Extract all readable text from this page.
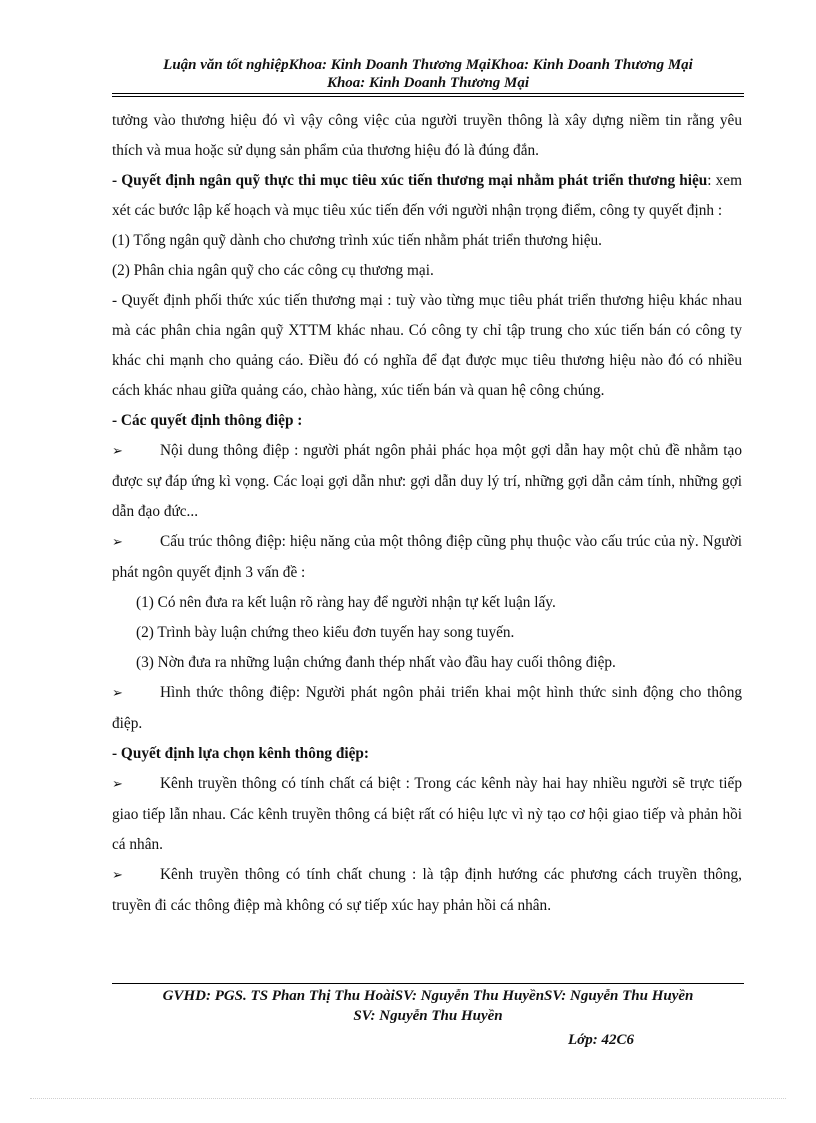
Luận văn tốt nghiệpKhoa: Kinh Doanh Thương MạiKhoa: Kinh Doanh Thương Mại
Khoa: Kinh Doanh Thương Mại

tưởng vào thương hiệu đó vì vậy công việc của người truyền thông là xây dựng niềm tin rằng yêu thích và mua hoặc sử dụng sản phẩm của thương hiệu đó là đúng đắn.

- Quyết định ngân quỹ thực thi mục tiêu xúc tiến thương mại nhằm phát triển thương hiệu: xem xét các bước lập kế hoạch và mục tiêu xúc tiến đến với người nhận trọng điểm, công ty quyết định :

(1) Tổng ngân quỹ dành cho chương trình xúc tiến nhằm phát triển thương hiệu.

(2) Phân chia ngân quỹ cho các công cụ thương mại.

- Quyết định phối thức xúc tiến thương mại : tuỳ vào từng mục tiêu phát triển thương hiệu khác nhau mà các phân chia ngân quỹ XTTM khác nhau. Có công ty chỉ tập trung cho xúc tiến bán có công ty khác chi mạnh cho quảng cáo. Điều đó có nghĩa để đạt được mục tiêu thương hiệu nào đó có nhiều cách khác nhau giữa quảng cáo, chào hàng, xúc tiến bán và quan hệ công chúng.

- Các quyết định thông điệp :

➢ Nội dung thông điệp : người phát ngôn phải phác họa một gợi dẫn hay một chủ đề nhằm tạo được sự đáp ứng kì vọng. Các loại gợi dẫn như: gợi dẫn duy lý trí, những gợi dẫn cảm tính, những gợi dẫn đạo đức...

➢ Cấu trúc thông điệp: hiệu năng của một thông điệp cũng phụ thuộc vào cấu trúc của nỳ. Người phát ngôn quyết định 3 vấn đề :

(1) Có nên đưa ra kết luận rõ ràng hay để người nhận tự kết luận lấy.

(2) Trình bày luận chứng theo kiểu đơn tuyến hay song tuyến.

(3) Nờn đưa ra những luận chứng đanh thép nhất vào đầu hay cuối thông điệp.

➢ Hình thức thông điệp: Người phát ngôn phải triển khai một hình thức sinh động cho thông điệp.

- Quyết định lựa chọn kênh thông điệp:

➢ Kênh truyền thông có tính chất cá biệt : Trong các kênh này hai hay nhiều người sẽ trực tiếp giao tiếp lẫn nhau. Các kênh truyền thông cá biệt rất có hiệu lực vì nỳ tạo cơ hội giao tiếp và phản hồi cá nhân.

➢ Kênh truyền thông có tính chất chung : là tập định hướng các phương cách truyền thông, truyền đi các thông điệp mà không có sự tiếp xúc hay phản hồi cá nhân.

GVHD: PGS. TS Phan Thị Thu HoàiSV: Nguyễn Thu HuyềnSV: Nguyễn Thu Huyền
SV: Nguyễn Thu Huyền
Lớp: 42C6
